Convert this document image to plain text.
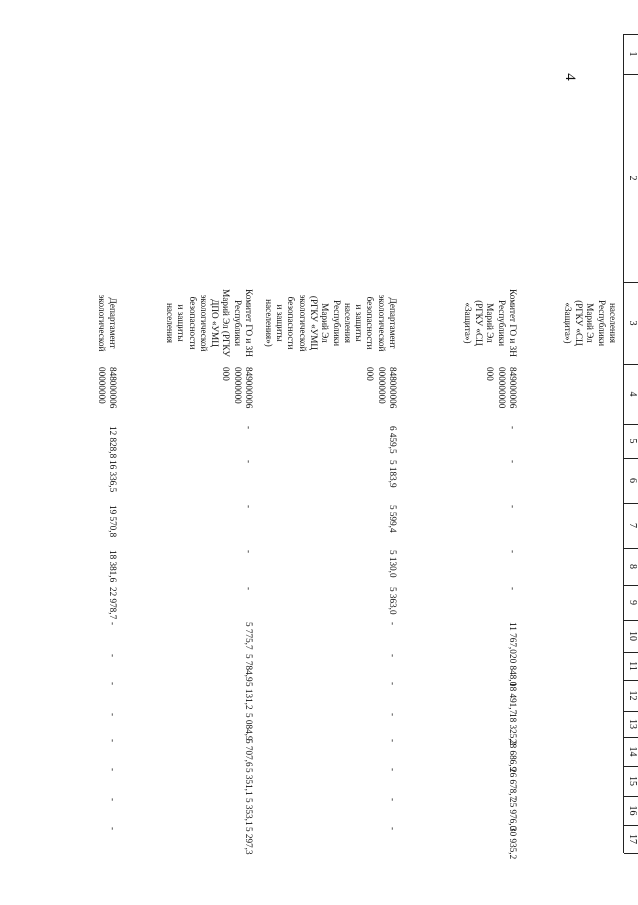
4
1
2
3
4
5
6
7
8
9
10
11
12
13
14
15
16
17
населения
Республики
Марий Эл
(РГКУ «СЦ
«Защита»)
Комитет ГО и ЗН
Республики
Марий Эл
(РГКУ «СЦ
«Защита»)
849000006
000000000
000
-
-
-
-
-
11 767,0
20 848,0
18 491,7
18 325,2
28 686,9
26 678,7
25 976,0
30 935,2
Департамент
экологической
безопасности
и защиты
населения
Республики
Марий Эл
(РГКУ «УМЦ
экологической
безопасности
и защиты
населения»)
848000006
00000000
000
6 459,5
5 183,9
5 599,4
5 130,0
5 363,0
-
-
-
-
-
-
-
-
Комитет ГО и ЗН
Республики
Марий Эл (РГКУ
ДПО «УМЦ
экологической
безопасности
и защиты
населения
849000006
00000000
000
-
-
-
-
-
5 775,7
5 784,9
5 131,2
5 084,9
5 707,6
5 351,1
5 353,1
5 297,3
Департамент
экологической
848000006
00000000
12 828,8
16 336,5
19 570,8
18 381,6
22 978,7
-
-
-
-
-
-
-
-
